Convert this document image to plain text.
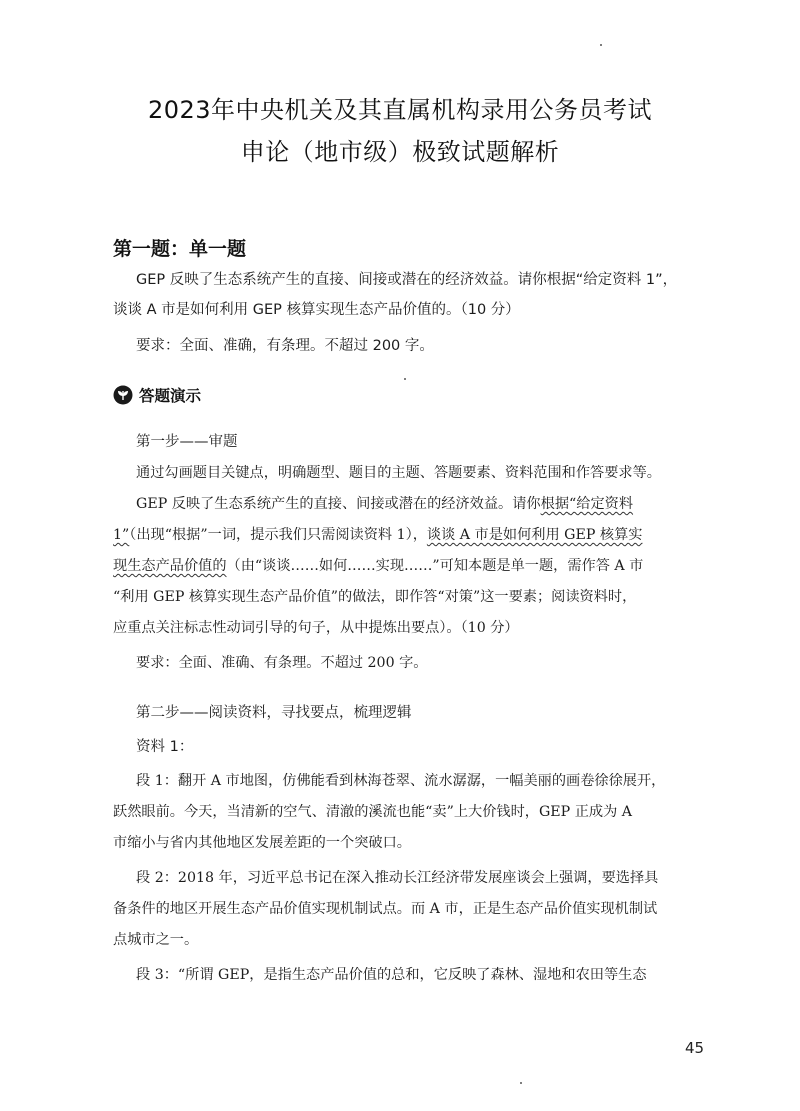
2023年中央机关及其直属机构录用公务员考试
申论（地市级）极致试题解析
第一题：单一题
GEP 反映了生态系统产生的直接、间接或潜在的经济效益。请你根据“给定资料 1”，
谈谈 A 市是如何利用 GEP 核算实现生态产品价值的。（10 分）
要求：全面、准确，有条理。不超过 200 字。
答题演示
第一步——审题
通过勾画题目关键点，明确题型、题目的主题、答题要素、资料范围和作答要求等。
GEP 反映了生态系统产生的直接、间接或潜在的经济效益。请你根据“给定资料
1”（出现“根据”一词，提示我们只需阅读资料 1），谈谈 A 市是如何利用 GEP 核算实
现生态产品价值的（由“谈谈……如何……实现……”可知本题是单一题，需作答 A 市
“利用 GEP 核算实现生态产品价值”的做法，即作答“对策”这一要素；阅读资料时，
应重点关注标志性动词引导的句子，从中提炼出要点）。（10 分）
要求：全面、准确、有条理。不超过 200 字。
第二步——阅读资料，寻找要点，梳理逻辑
资料 1：
段 1：翻开 A 市地图，仿佛能看到林海苍翠、流水潺潺，一幅美丽的画卷徐徐展开，
跃然眼前。今天，当清新的空气、清澈的溪流也能“卖”上大价钱时，GEP 正成为 A
市缩小与省内其他地区发展差距的一个突破口。
段 2：2018 年，习近平总书记在深入推动长江经济带发展座谈会上强调，要选择具
备条件的地区开展生态产品价值实现机制试点。而 A 市，正是生态产品价值实现机制试
点城市之一。
段 3：“所谓 GEP，是指生态产品价值的总和，它反映了森林、湿地和农田等生态
45
